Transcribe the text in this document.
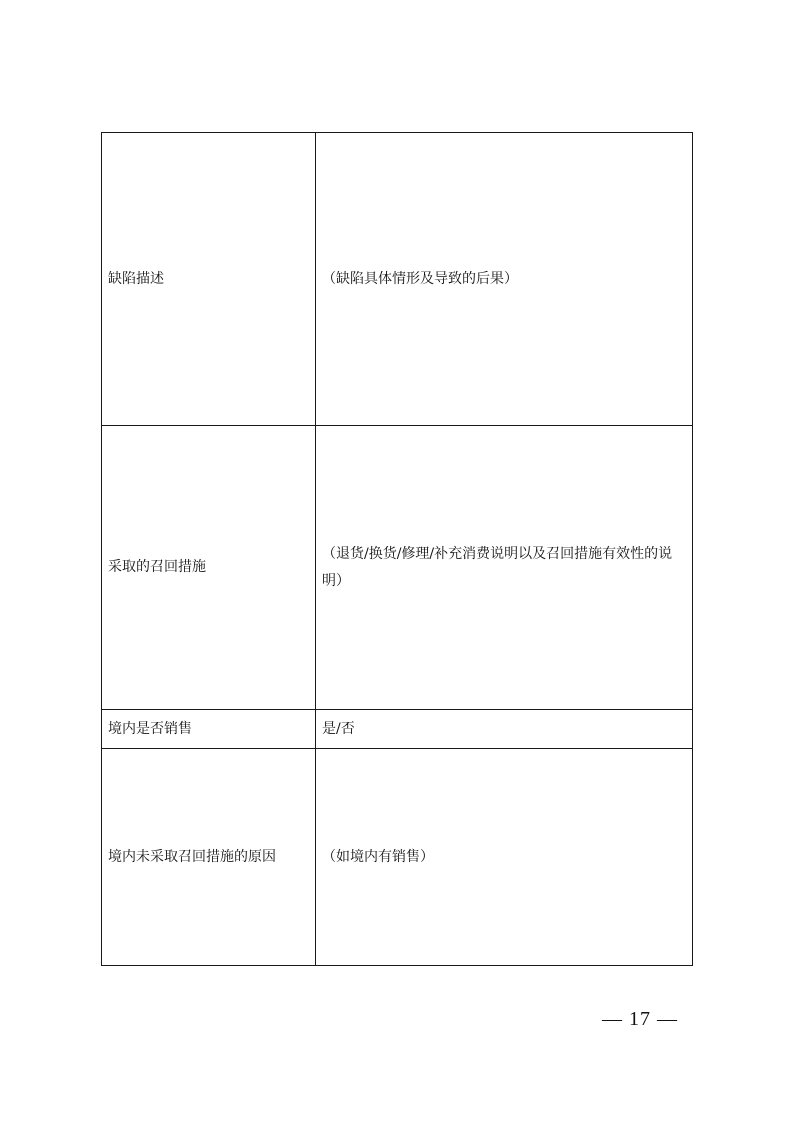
缺陷描述	（缺陷具体情形及导致的后果）
采取的召回措施	（退货/换货/修理/补充消费说明以及召回措施有效性的说明）
境内是否销售	是/否
境内未采取召回措施的原因	（如境内有销售）
— 17 —
